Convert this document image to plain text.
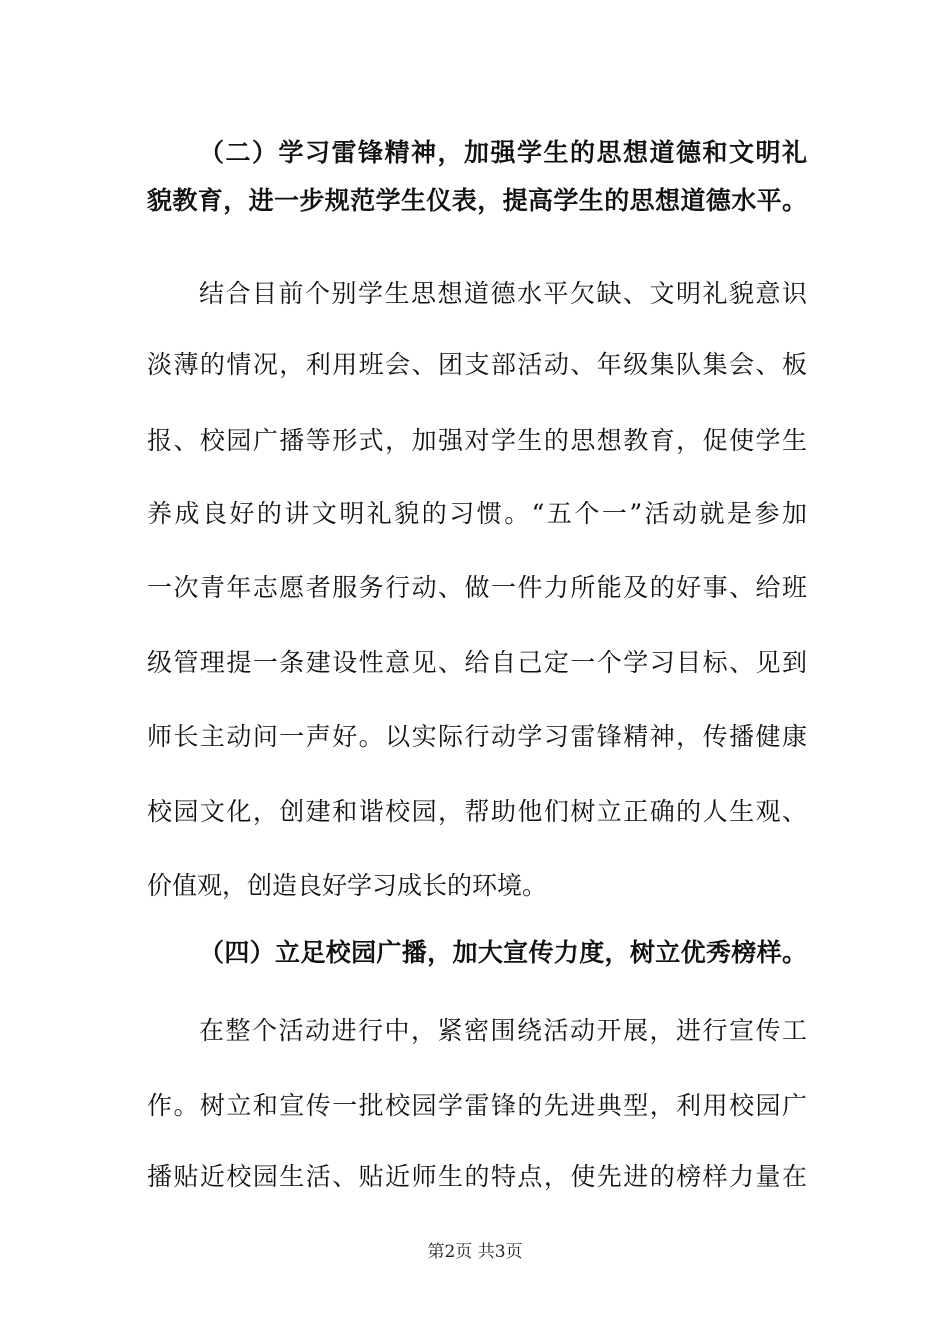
（二）学习雷锋精神，加强学生的思想道德和文明礼
貌教育，进一步规范学生仪表，提高学生的思想道德水平。
结合目前个别学生思想道德水平欠缺、文明礼貌意识
淡薄的情况，利用班会、团支部活动、年级集队集会、板
报、校园广播等形式，加强对学生的思想教育，促使学生
养成良好的讲文明礼貌的习惯。“五个一”活动就是参加
一次青年志愿者服务行动、做一件力所能及的好事、给班
级管理提一条建设性意见、给自己定一个学习目标、见到
师长主动问一声好。以实际行动学习雷锋精神，传播健康
校园文化，创建和谐校园，帮助他们树立正确的人生观、
价值观，创造良好学习成长的环境。
（四）立足校园广播，加大宣传力度，树立优秀榜样。
在整个活动进行中，紧密围绕活动开展，进行宣传工
作。树立和宣传一批校园学雷锋的先进典型，利用校园广
播贴近校园生活、贴近师生的特点，使先进的榜样力量在
第2页 共3页
